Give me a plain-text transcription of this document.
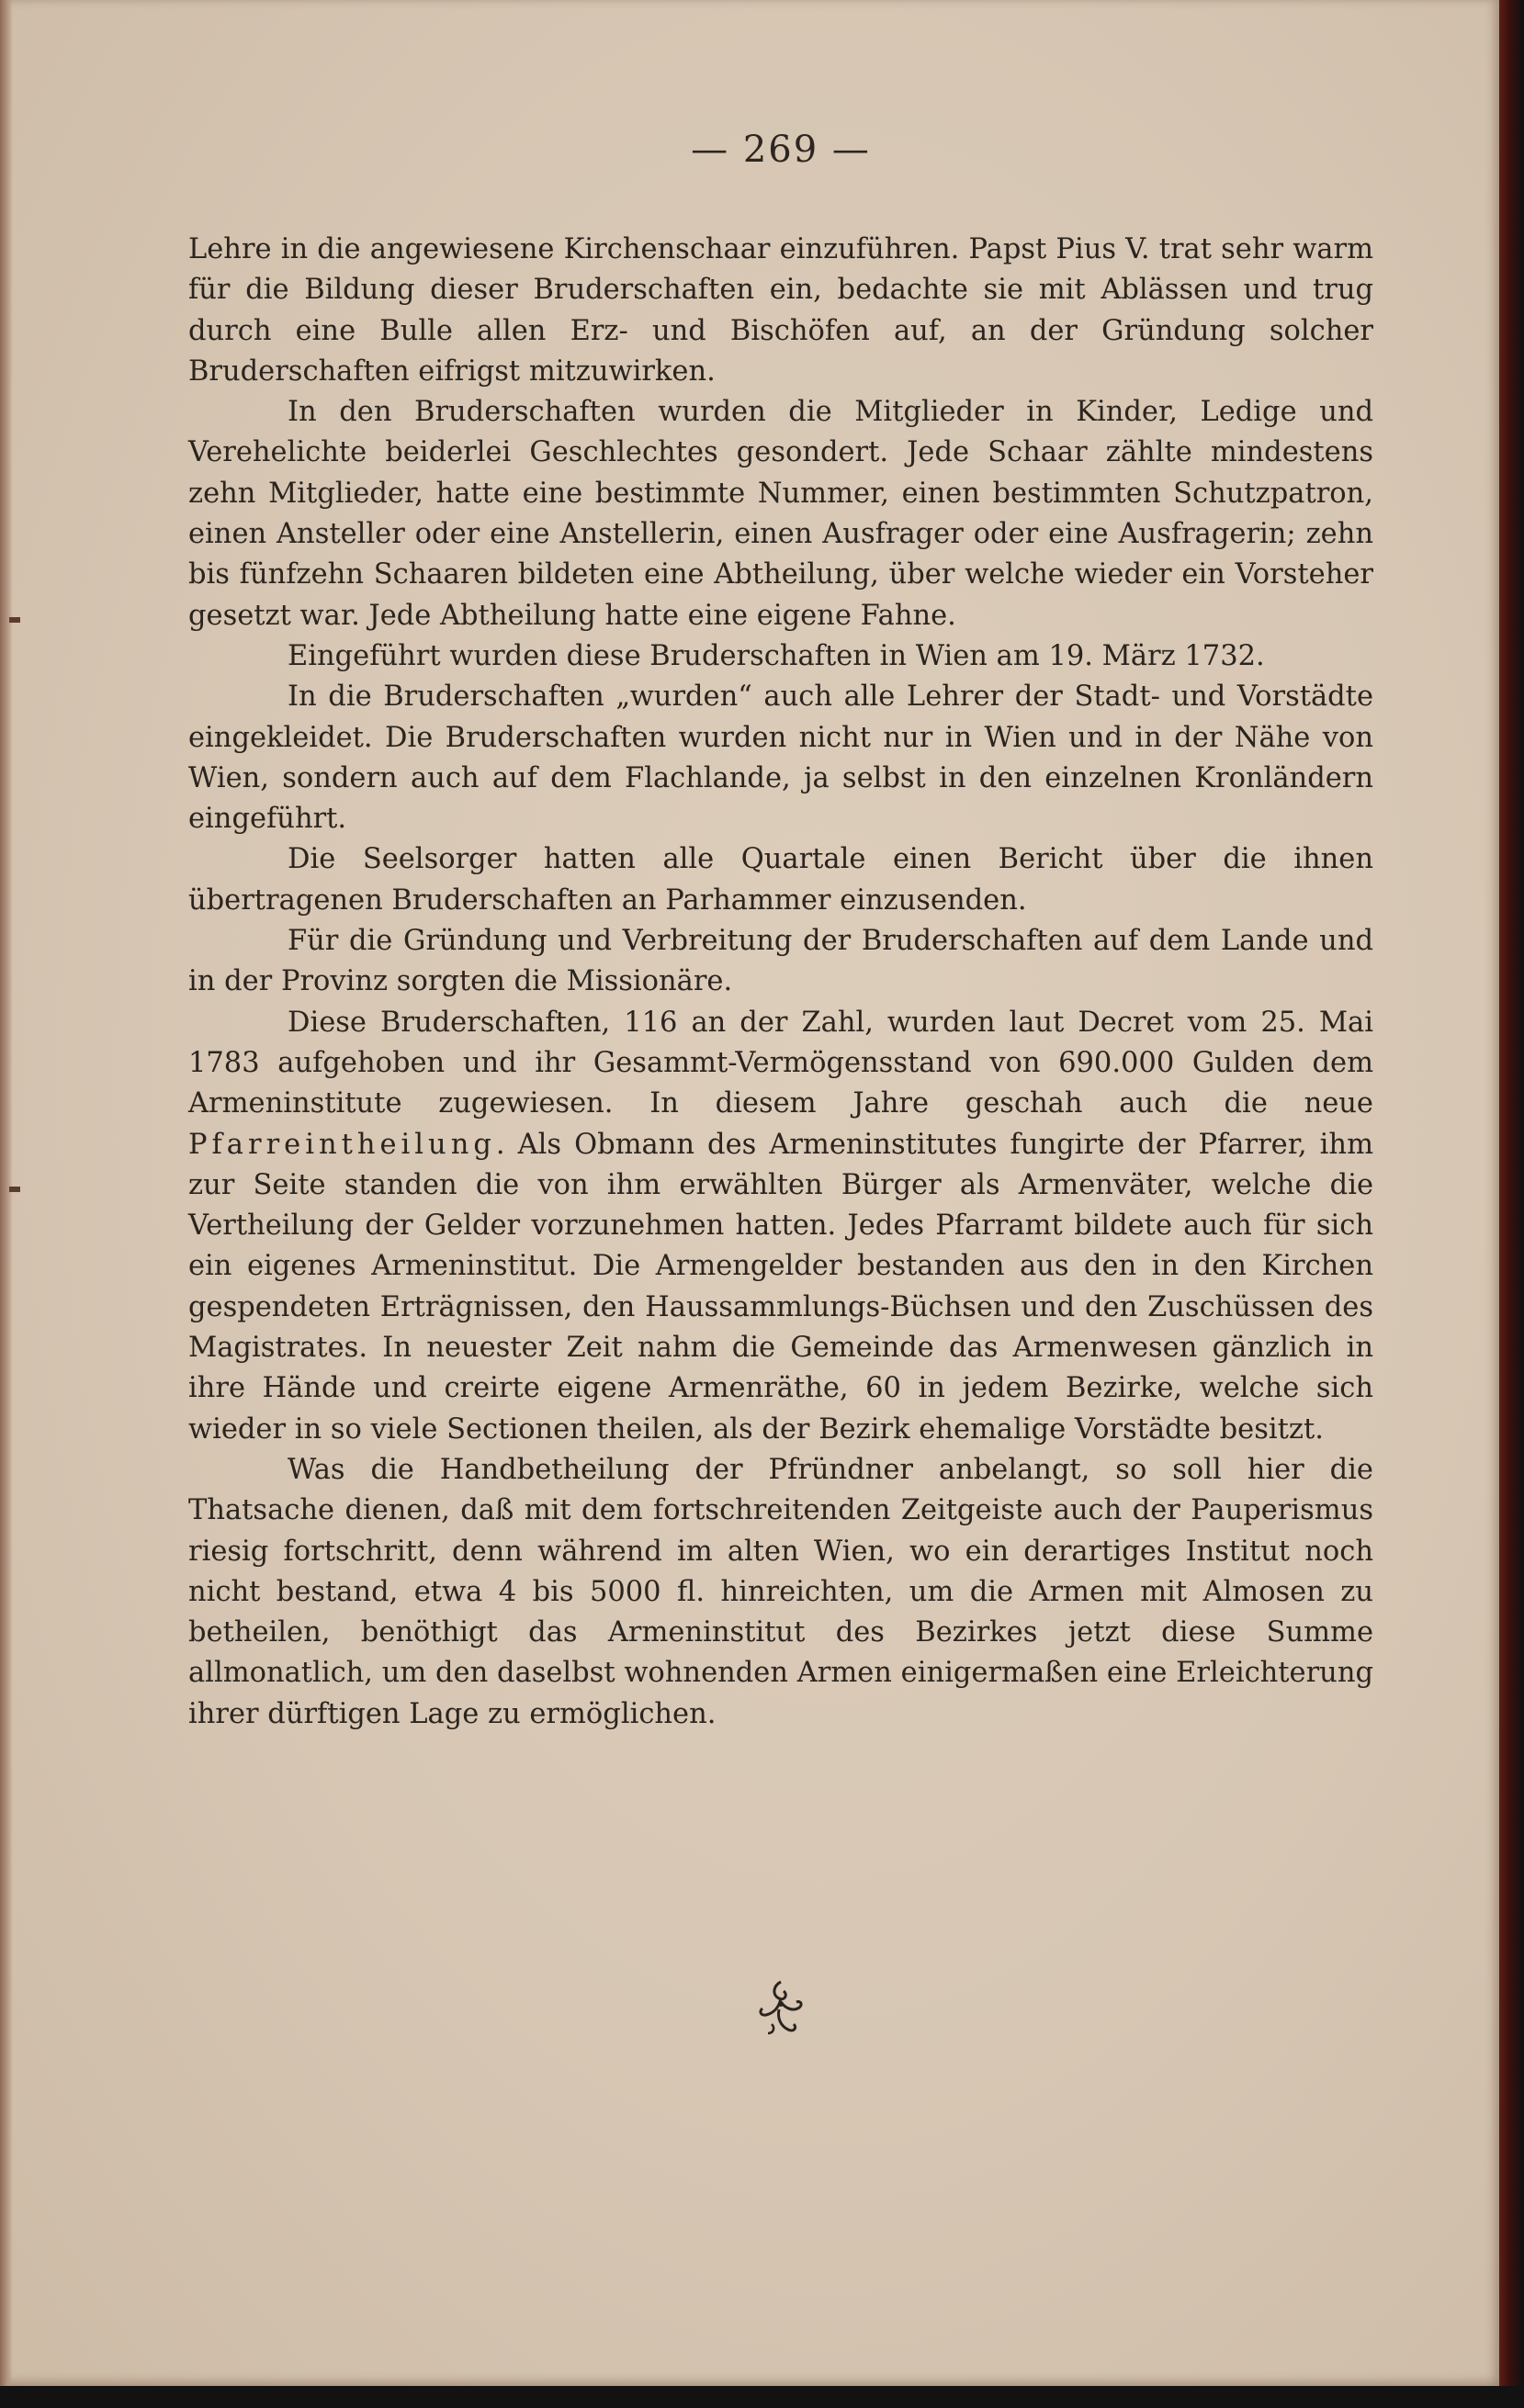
— 269 —

Lehre in die angewiesene Kirchenschaar einzuführen. Papst Pius V. trat sehr warm für die Bildung dieser Bruderschaften ein, bedachte sie mit Ablässen und trug durch eine Bulle allen Erz- und Bischöfen auf, an der Gründung solcher Bruderschaften eifrigst mitzuwirken.

In den Bruderschaften wurden die Mitglieder in Kinder, Ledige und Verehelichte beiderlei Geschlechtes gesondert. Jede Schaar zählte mindestens zehn Mitglieder, hatte eine bestimmte Nummer, einen bestimmten Schutzpatron, einen Ansteller oder eine Anstellerin, einen Ausfrager oder eine Ausfragerin; zehn bis fünfzehn Schaaren bildeten eine Abtheilung, über welche wieder ein Vorsteher gesetzt war. Jede Abtheilung hatte eine eigene Fahne.

Eingeführt wurden diese Bruderschaften in Wien am 19. März 1732.

In die Bruderschaften „wurden“ auch alle Lehrer der Stadt- und Vorstädte eingekleidet. Die Bruderschaften wurden nicht nur in Wien und in der Nähe von Wien, sondern auch auf dem Flachlande, ja selbst in den einzelnen Kronländern eingeführt.

Die Seelsorger hatten alle Quartale einen Bericht über die ihnen übertragenen Bruderschaften an Parhammer einzusenden.

Für die Gründung und Verbreitung der Bruderschaften auf dem Lande und in der Provinz sorgten die Missionäre.

Diese Bruderschaften, 116 an der Zahl, wurden laut Decret vom 25. Mai 1783 aufgehoben und ihr Gesammt-Vermögensstand von 690.000 Gulden dem Armeninstitute zugewiesen. In diesem Jahre geschah auch die neue Pfarreintheilung. Als Obmann des Armeninstitutes fungirte der Pfarrer, ihm zur Seite standen die von ihm erwählten Bürger als Armenväter, welche die Vertheilung der Gelder vorzunehmen hatten. Jedes Pfarramt bildete auch für sich ein eigenes Armeninstitut. Die Armengelder bestanden aus den in den Kirchen gespendeten Erträgnissen, den Haussammlungs-Büchsen und den Zuschüssen des Magistrates. In neuester Zeit nahm die Gemeinde das Armenwesen gänzlich in ihre Hände und creirte eigene Armenräthe, 60 in jedem Bezirke, welche sich wieder in so viele Sectionen theilen, als der Bezirk ehemalige Vorstädte besitzt.

Was die Handbetheilung der Pfründner anbelangt, so soll hier die Thatsache dienen, daß mit dem fortschreitenden Zeitgeiste auch der Pauperismus riesig fortschritt, denn während im alten Wien, wo ein derartiges Institut noch nicht bestand, etwa 4 bis 5000 fl. hinreichten, um die Armen mit Almosen zu betheilen, benöthigt das Armeninstitut des Bezirkes jetzt diese Summe allmonatlich, um den daselbst wohnenden Armen einigermaßen eine Erleichterung ihrer dürftigen Lage zu ermöglichen.
